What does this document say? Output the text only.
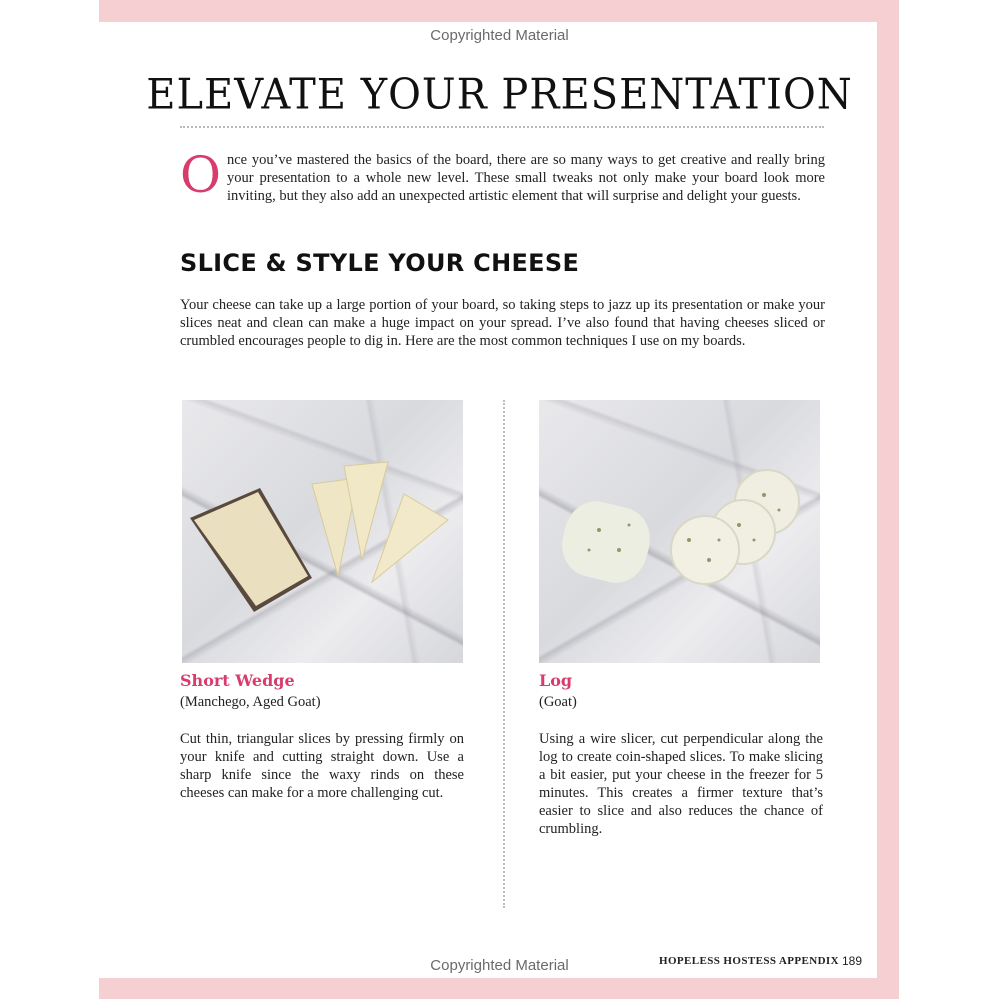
Copyrighted Material
ELEVATE YOUR PRESENTATION
Once you’ve mastered the basics of the board, there are so many ways to get creative and really bring your presentation to a whole new level. These small tweaks not only make your board look more inviting, but they also add an unexpected artistic element that will surprise and delight your guests.
SLICE & STYLE YOUR CHEESE
Your cheese can take up a large portion of your board, so taking steps to jazz up its presentation or make your slices neat and clean can make a huge impact on your spread. I’ve also found that having cheeses sliced or crumbled encourages people to dig in. Here are the most common techniques I use on my boards.
Short Wedge
(Manchego, Aged Goat)
Cut thin, triangular slices by pressing firmly on your knife and cutting straight down. Use a sharp knife since the waxy rinds on these cheeses can make for a more challenging cut.
Log
(Goat)
Using a wire slicer, cut perpendicular along the log to create coin-shaped slices. To make slicing a bit easier, put your cheese in the freezer for 5 minutes. This creates a firmer texture that’s easier to slice and also reduces the chance of crumbling.
HOPELESS HOSTESS APPENDIX 189
Copyrighted Material
